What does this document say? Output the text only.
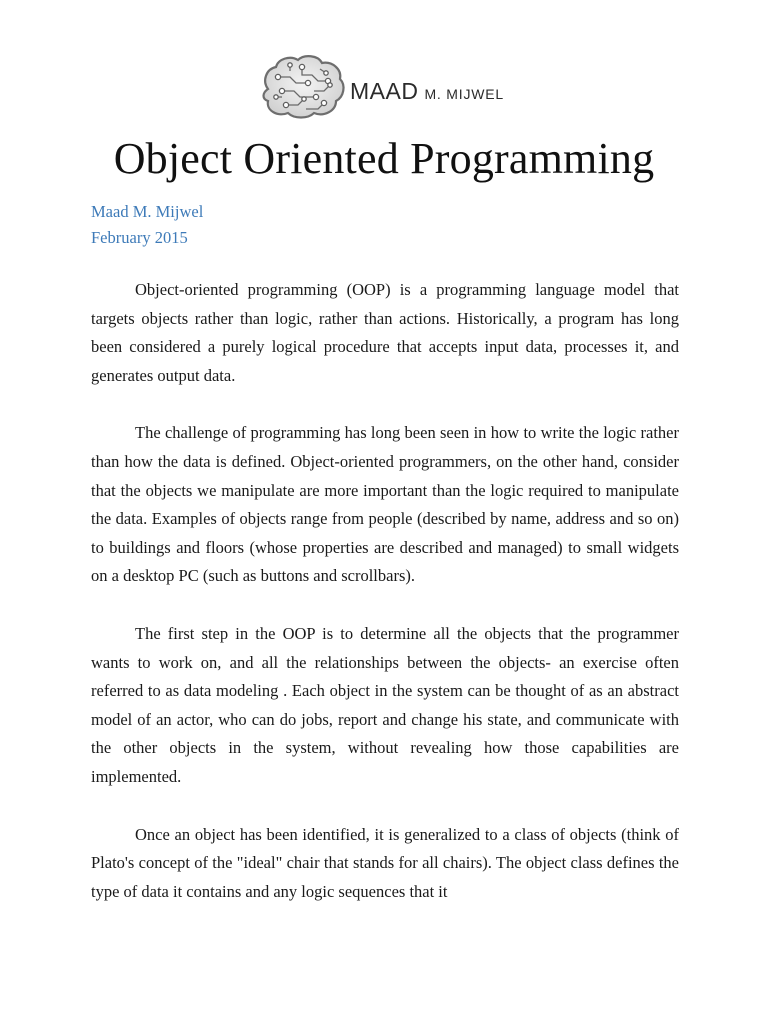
MAAD M. MIJWEL
Object Oriented Programming
Maad M. Mijwel
February 2015

Object-oriented programming (OOP) is a programming language model that targets objects rather than logic, rather than actions. Historically, a program has long been considered a purely logical procedure that accepts input data, processes it, and generates output data.

The challenge of programming has long been seen in how to write the logic rather than how the data is defined. Object-oriented programmers, on the other hand, consider that the objects we manipulate are more important than the logic required to manipulate the data. Examples of objects range from people (described by name, address and so on) to buildings and floors (whose properties are described and managed) to small widgets on a desktop PC (such as buttons and scrollbars).

The first step in the OOP is to determine all the objects that the programmer wants to work on, and all the relationships between the objects- an exercise often referred to as data modeling . Each object in the system can be thought of as an abstract model of an actor, who can do jobs, report and change his state, and communicate with the other objects in the system, without revealing how those capabilities are implemented.

Once an object has been identified, it is generalized to a class of objects (think of Plato's concept of the "ideal" chair that stands for all chairs). The object class defines the type of data it contains and any logic sequences that it
